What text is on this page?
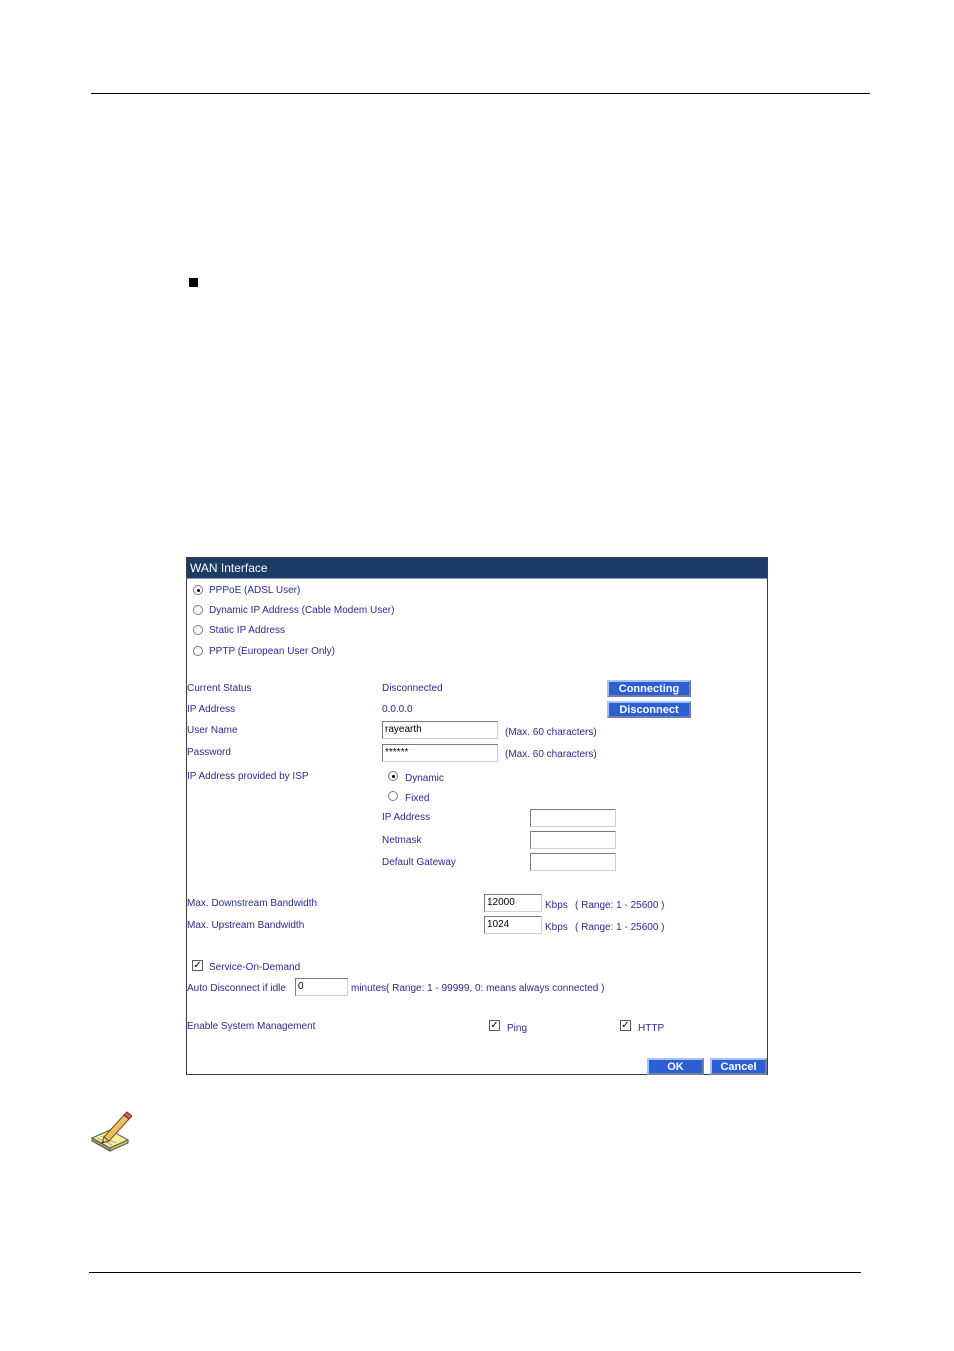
WAN Interface
PPPoE (ADSL User)
Dynamic IP Address (Cable Modem User)
Static IP Address
PPTP (European User Only)
Current Status	Disconnected	Connecting
IP Address	0.0.0.0	Disconnect
User Name	rayearth	(Max. 60 characters)
Password	******	(Max. 60 characters)
IP Address provided by ISP	Dynamic
Fixed
IP Address
Netmask
Default Gateway
Max. Downstream Bandwidth	12000	Kbps ( Range: 1 - 25600 )
Max. Upstream Bandwidth	1024	Kbps ( Range: 1 - 25600 )
✓ Service-On-Demand
Auto Disconnect if idle	0	minutes( Range: 1 - 99999, 0: means always connected )
Enable System Management	✓ Ping	✓ HTTP
OK	Cancel
